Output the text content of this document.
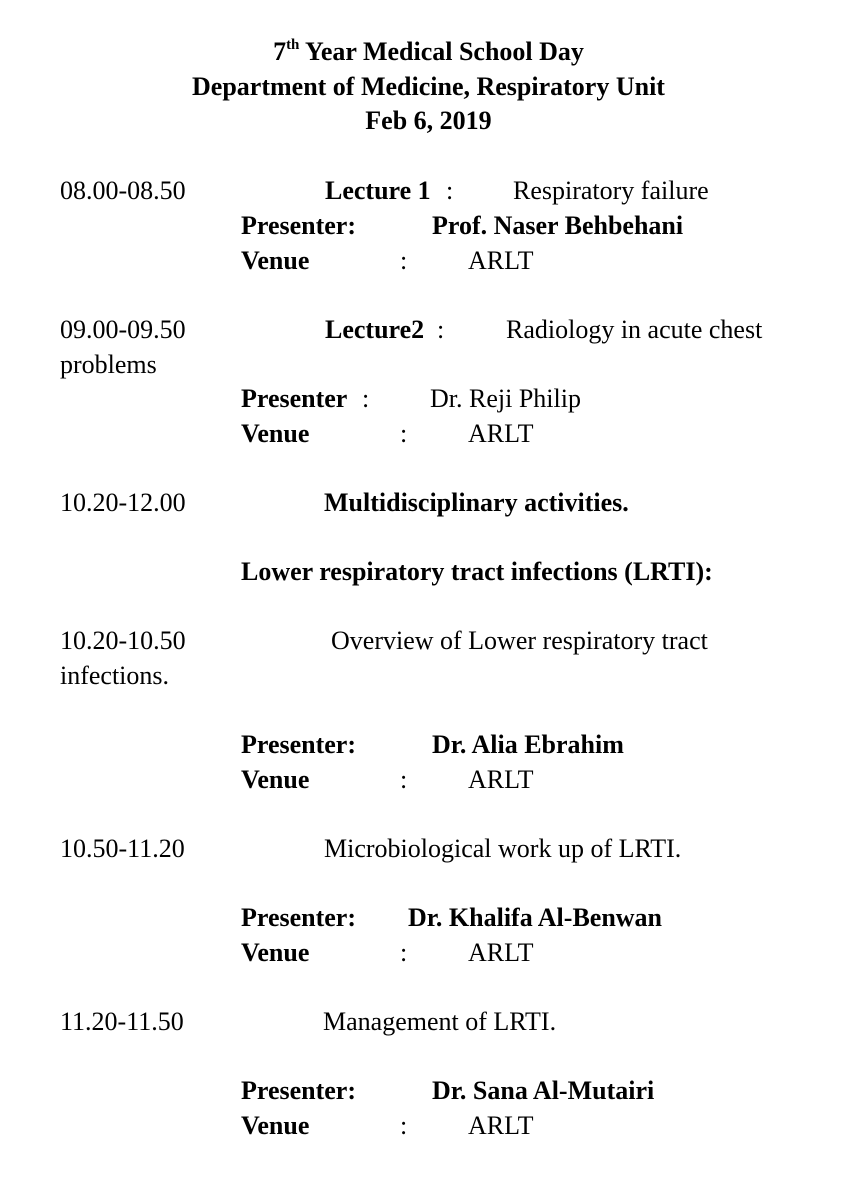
7th Year Medical School Day
Department of Medicine, Respiratory Unit
Feb 6, 2019
08.00-08.50	Lecture 1 : Respiratory failure
Presenter:	Prof. Naser Behbehani
Venue	: ARLT
09.00-09.50	Lecture2 : Radiology in acute chest
problems
Presenter : Dr. Reji Philip
Venue	: ARLT
10.20-12.00	Multidisciplinary activities.
Lower respiratory tract infections (LRTI):
10.20-10.50	Overview of Lower respiratory tract
infections.
Presenter:	Dr. Alia Ebrahim
Venue	: ARLT
10.50-11.20	Microbiological work up of LRTI.
Presenter: Dr. Khalifa Al-Benwan
Venue	: ARLT
11.20-11.50	Management of LRTI.
Presenter:	Dr. Sana Al-Mutairi
Venue	: ARLT
